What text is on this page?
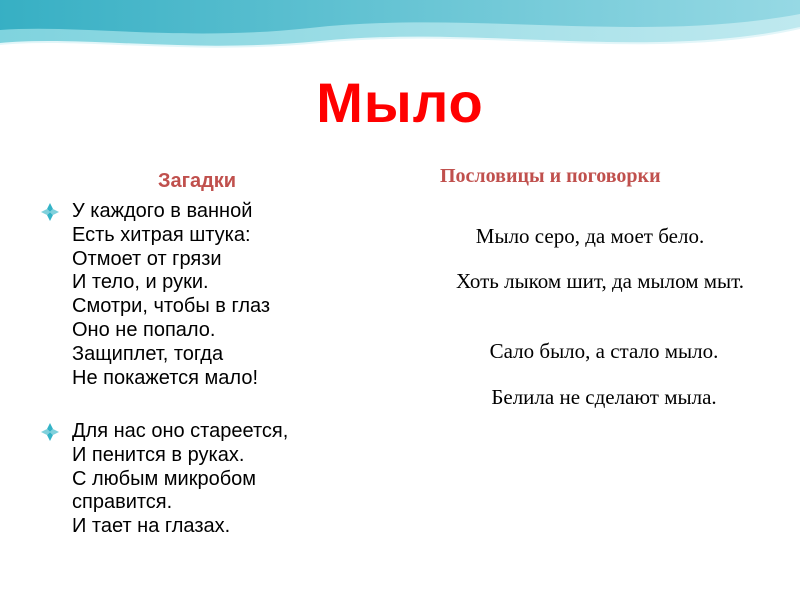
Мыло
Загадки	Пословицы и поговорки
У каждого в ванной
Есть хитрая штука:
Отмоет от грязи
И тело, и руки.
Смотри, чтобы в глаз
Оно не попало.
Защиплет, тогда
Не покажется мало!
Для нас оно стареется,
И пенится в руках.
С любым микробом
справится.
И тает на глазах.
Мыло серо, да моет бело.
Хоть лыком шит, да мылом мыт.
Сало было, а стало мыло.
Белила не сделают мыла.
